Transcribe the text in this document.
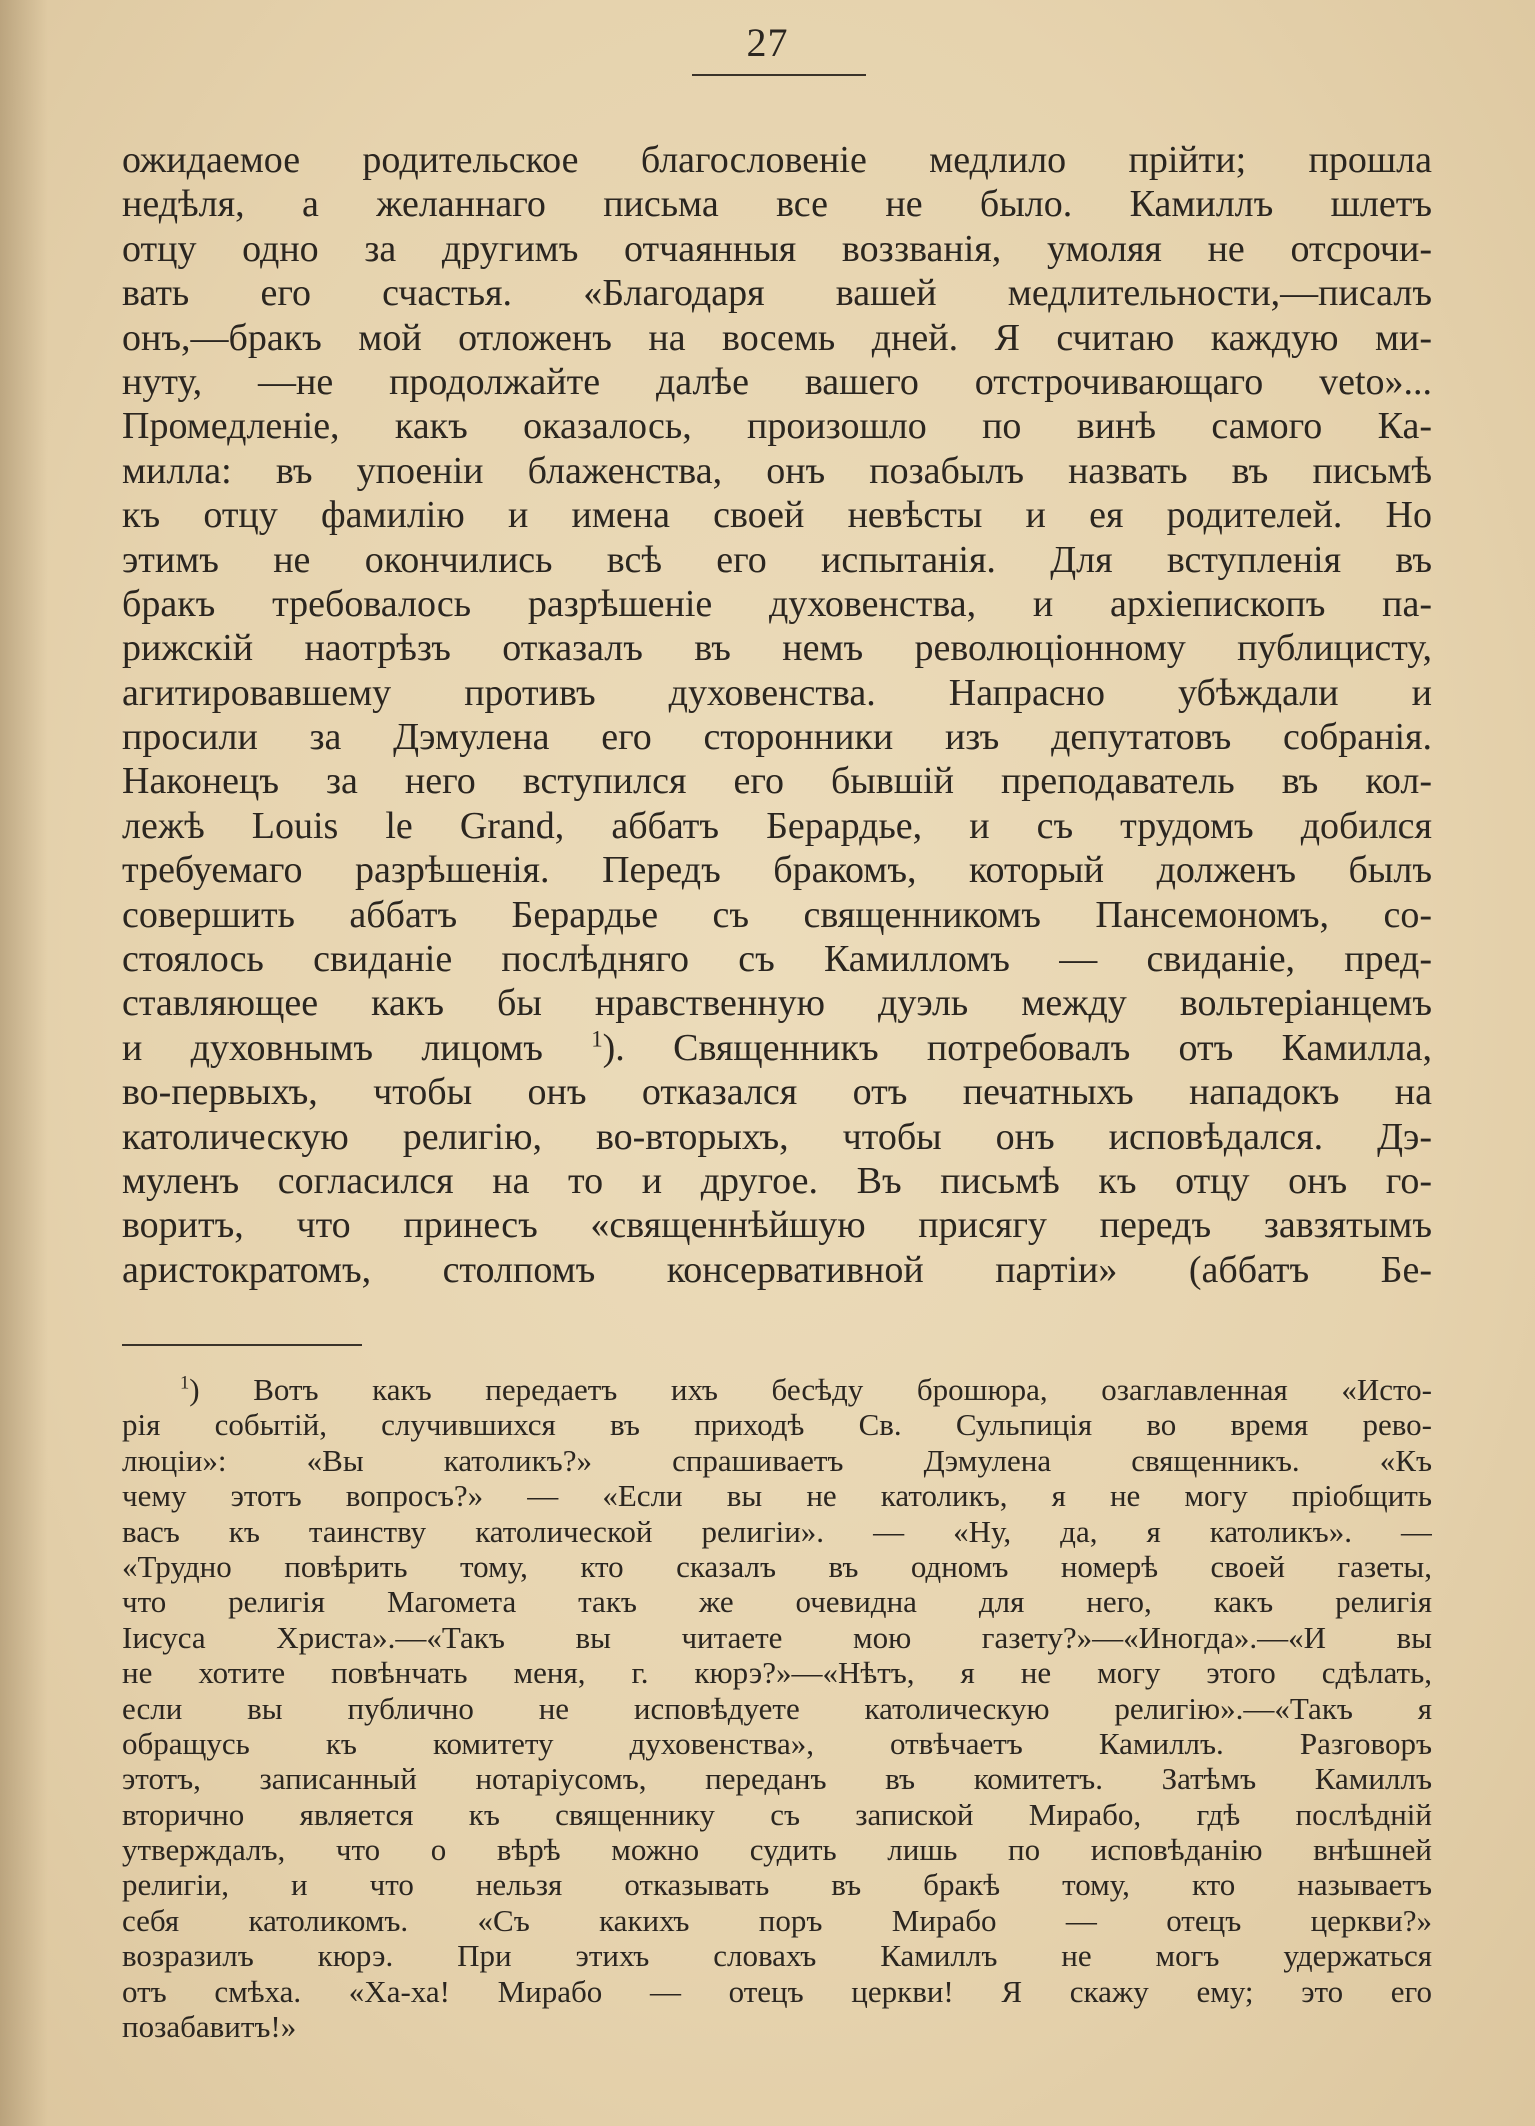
27
ожидаемое родительское благословеніе медлило прійти; прошла
недѣля, а желаннаго письма все не было. Камиллъ шлетъ
отцу одно за другимъ отчаянныя воззванія, умоляя не отсрочи-
вать его счастья. «Благодаря вашей медлительности,—писалъ
онъ,—бракъ мой отложенъ на восемь дней. Я считаю каждую ми-
нуту, —не продолжайте далѣе вашего отстрочивающаго veto»...
Промедленіе, какъ оказалось, произошло по винѣ самого Ка-
милла: въ упоеніи блаженства, онъ позабылъ назвать въ письмѣ
къ отцу фамилію и имена своей невѣсты и ея родителей. Но
этимъ не окончились всѣ его испытанія. Для вступленія въ
бракъ требовалось разрѣшеніе духовенства, и архіепископъ па-
рижскій наотрѣзъ отказалъ въ немъ революціонному публицисту,
агитировавшему противъ духовенства. Напрасно убѣждали и
просили за Дэмулена его сторонники изъ депутатовъ собранія.
Наконецъ за него вступился его бывшій преподаватель въ кол-
лежѣ Louis le Grand, аббатъ Берардье, и съ трудомъ добился
требуемаго разрѣшенія. Передъ бракомъ, который долженъ былъ
совершить аббатъ Берардье съ священникомъ Пансемономъ, со-
стоялось свиданіе послѣдняго съ Камилломъ — свиданіе, пред-
ставляющее какъ бы нравственную дуэль между вольтеріанцемъ
и духовнымъ лицомъ $^1$). Священникъ потребовалъ отъ Камилла,
во-первыхъ, чтобы онъ отказался отъ печатныхъ нападокъ на
католическую религію, во-вторыхъ, чтобы онъ исповѣдался. Дэ-
муленъ согласился на то и другое. Въ письмѣ къ отцу онъ го-
воритъ, что принесъ «священнѣйшую присягу передъ завзятымъ
аристократомъ, столпомъ консервативной партіи» (аббатъ Бе-
$^1$) Вотъ какъ передаетъ ихъ бесѣду брошюра, озаглавленная «Исто-
рія событій, случившихся въ приходѣ Св. Сульпиція во время рево-
люціи»: «Вы католикъ?» спрашиваетъ Дэмулена священникъ. «Къ
чему этотъ вопросъ?» — «Если вы не католикъ, я не могу пріобщить
васъ къ таинству католической религіи». — «Ну, да, я католикъ». —
«Трудно повѣрить тому, кто сказалъ въ одномъ номерѣ своей газеты,
что религія Магомета такъ же очевидна для него, какъ религія
Іисуса Христа».—«Такъ вы читаете мою газету?»—«Иногда».—«И вы
не хотите повѣнчать меня, г. кюрэ?»—«Нѣтъ, я не могу этого сдѣлать,
если вы публично не исповѣдуете католическую религію».—«Такъ я
обращусь къ комитету духовенства», отвѣчаетъ Камиллъ. Разговоръ
этотъ, записанный нотаріусомъ, переданъ въ комитетъ. Затѣмъ Камиллъ
вторично является къ священнику съ запиской Мирабо, гдѣ послѣдній
утверждалъ, что о вѣрѣ можно судить лишь по исповѣданію внѣшней
религіи, и что нельзя отказывать въ бракѣ тому, кто называетъ
себя католикомъ. «Съ какихъ поръ Мирабо — отецъ церкви?»
возразилъ кюрэ. При этихъ словахъ Камиллъ не могъ удержаться
отъ смѣха. «Ха-ха! Мирабо — отецъ церкви! Я скажу ему; это его
позабавитъ!»
